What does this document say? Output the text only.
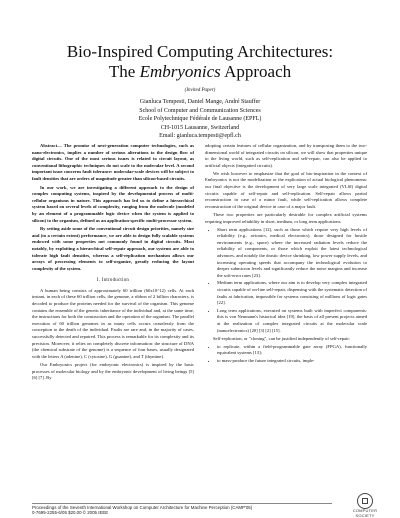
Bio-Inspired Computing Architectures:
The Embryonics Approach
(Invited Paper)
Gianluca Tempesti, Daniel Mange, André Stauffer
School of Computer and Communication Sciences
Ecole Polytechnique Fédérale de Lausanne (EPFL)
CH-1015 Lausanne, Switzerland
Email: gianluca.tempesti@epfl.ch

Abstract— The promise of next-generation computer technologies, such as nano-electronics, implies a number of serious alterations to the design flow of digital circuits. One of the most serious issues is related to circuit layout, as conventional lithographic techniques do not scale to the molecular level. A second important issue concerns fault tolerance: molecular-scale devices will be subject to fault densities that are orders of magnitude greater than silicon-based circuits.

In our work, we are investigating a different approach to the design of complex computing systems, inspired by the developmental process of multi-cellular organisms in nature. This approach has led us to define a hierarchical system based on several levels of complexity, ranging from the molecule (modeled by an element of a programmable logic device when the system is applied to silicon) to the organism, defined as an application-specific multi-processor system.

By setting aside some of the conventional circuit design priorities, namely size and (to a certain extent) performance, we are able to design fully scalable systems endowed with some properties not commonly found in digital circuits. Most notably, by exploiting a hierarchical self-repair approach, our systems are able to tolerate high fault densities, whereas a self-replication mechanism allows our arrays of processing elements to self-organize, greatly reducing the layout complexity of the system.

I. Introduction

A human being consists of approximately 60 trillion (60x10^12) cells. At each instant, in each of these 60 trillion cells, the genome, a ribbon of 2 billion characters, is decoded to produce the proteins needed for the survival of the organism. This genome contains the ensemble of the genetic inheritance of the individual and, at the same time, the instructions for both the construction and the operation of the organism. The parallel execution of 60 trillion genomes in as many cells occurs ceaselessly from the conception to the death of the individual. Faults are rare and, in the majority of cases, successfully detected and repaired. This process is remarkable for its complexity and its precision. Moreover, it relies on completely discrete information: the structure of DNA (the chemical substrate of the genome) is a sequence of four bases, usually designated with the letters A (adenine), C (cytosine), G (guanine), and T (thymine).

Our Embryonics project (for embryonic electronics) is inspired by the basic processes of molecular biology and by the embryonic development of living beings [5] [6] [7]. By

adopting certain features of cellular organization, and by transposing them to the two-dimensional world of integrated circuits on silicon, we will show that properties unique to the living world, such as self-replication and self-repair, can also be applied to artificial objects (integrated circuits).

We wish however to emphasize that the goal of bio-inspiration in the context of Embryonics is not the modelization or the explication of actual biological phenomena: our final objective is the development of very large scale integrated (VLSI) digital circuits capable of self-repair and self-replication. Self-repair allows partial reconstruction in case of a minor fault, while self-replication allows complete reconstruction of the original device in case of a major fault.

These two properties are particularly desirable for complex artificial systems requiring improved reliability in short, medium, or long term applications.

• Short term applications [12], such as those which require very high levels of reliability (e.g., avionics, medical electronics), those designed for hostile environments (e.g., space) where the increased radiation levels reduce the reliability of components, or those which exploit the latest technological advances, and notably the drastic device shrinking, low power supply levels, and increasing operating speeds that accompany the technological evolution to deeper submicron levels and significantly reduce the noise margins and increase the soft-error rates [23].
• Medium term applications, where our aim is to develop very complex integrated circuits capable of on-line self-repair, dispensing with the systematic detection of faults at fabrication, impossible for systems consisting of millions of logic gates [22].
• Long term applications, executed on systems built with imperfect components: this is von Neumann's historical idea [19], the basis of all present projects aimed at the realization of complex integrated circuits at the molecular scale (nanoelectronics) [20] [3] [2] [15].

Self-replication, or "cloning", can be justified independently of self-repair:

• to replicate, within a field-programmable gate array (FPGA), functionally equivalent systems [13];
• to mass-produce the future integrated circuits, imple-
Proceedings of the Seventh International Workshop on Computer Architecture for Machine Perception (CAMP'05)
0-7695-2255-6/05 $20.00 © 2005 IEEE	COMPUTER SOCIETY
